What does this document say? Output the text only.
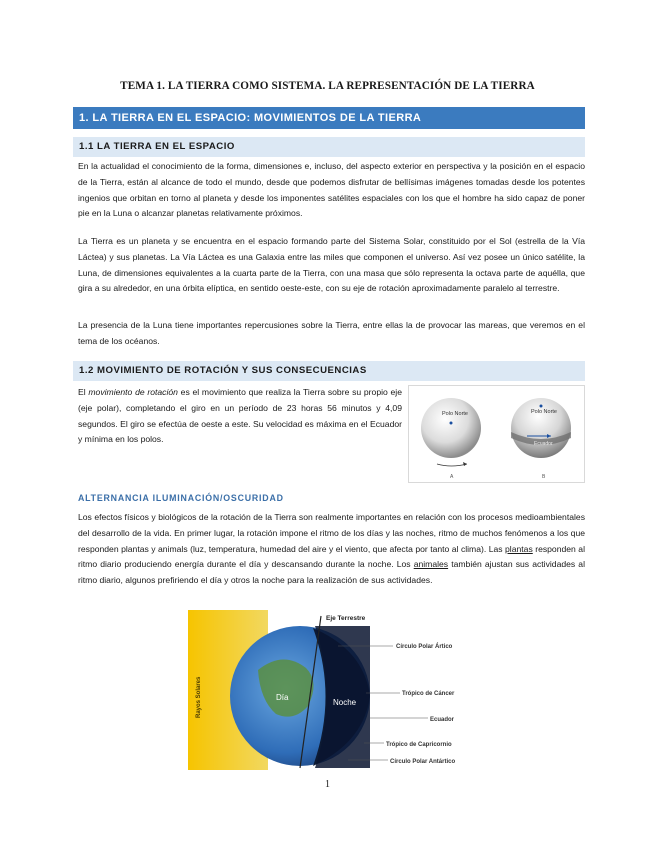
TEMA 1. LA TIERRA COMO SISTEMA. LA REPRESENTACIÓN DE LA TIERRA
1. LA TIERRA EN EL ESPACIO: MOVIMIENTOS DE LA TIERRA
1.1 LA TIERRA EN EL ESPACIO

En la actualidad el conocimiento de la forma, dimensiones e, incluso, del aspecto exterior en perspectiva y la posición en el espacio de la Tierra, están al alcance de todo el mundo, desde que podemos disfrutar de bellísimas imágenes tomadas desde los potentes ingenios que orbitan en torno al planeta y desde los imponentes satélites espaciales con los que el hombre ha sido capaz de poner pie en la Luna o alcanzar planetas relativamente próximos.

La Tierra es un planeta y se encuentra en el espacio formando parte del Sistema Solar, constituido por el Sol (estrella de la Vía Láctea) y sus planetas. La Vía Láctea es una Galaxia entre las miles que componen el universo. Así vez posee un único satélite, la Luna, de dimensiones equivalentes a la cuarta parte de la Tierra, con una masa que sólo representa la octava parte de aquélla, que gira a su alrededor, en una órbita elíptica, en sentido oeste-este, con su eje de rotación aproximadamente paralelo al terrestre.

La presencia de la Luna tiene importantes repercusiones sobre la Tierra, entre ellas la de provocar las mareas, que veremos en el tema de los océanos.

1.2 MOVIMIENTO DE ROTACIÓN Y SUS CONSECUENCIAS

El movimiento de rotación es el movimiento que realiza la Tierra sobre su propio eje (eje polar), completando el giro en un período de 23 horas 56 minutos y 4,09 segundos. El giro se efectúa de oeste a este. Su velocidad es máxima en el Ecuador y mínima en los polos.

Polo Norte
A
Polo Norte
Ecuador
B
ALTERNANCIA ILUMINACIÓN/OSCURIDAD

Los efectos físicos y biológicos de la rotación de la Tierra son realmente importantes en relación con los procesos medioambientales del desarrollo de la vida. En primer lugar, la rotación impone el ritmo de los días y las noches, ritmo de muchos fenómenos a los que responden plantas y animals (luz, temperatura, humedad del aire y el viento, que afecta por tanto al clima). Las plantas responden al ritmo diario produciendo energía durante el día y descansando durante la noche. Los animales también ajustan sus actividades al ritmo diario, algunos prefiriendo el día y otros la noche para la realización de sus actividades.

Eje Terrestre
Círculo Polar Ártico
Trópico de Cáncer
Ecuador
Trópico de Capricornio
Círculo Polar Antártico
Rayos Solares	Día
Noche
1
